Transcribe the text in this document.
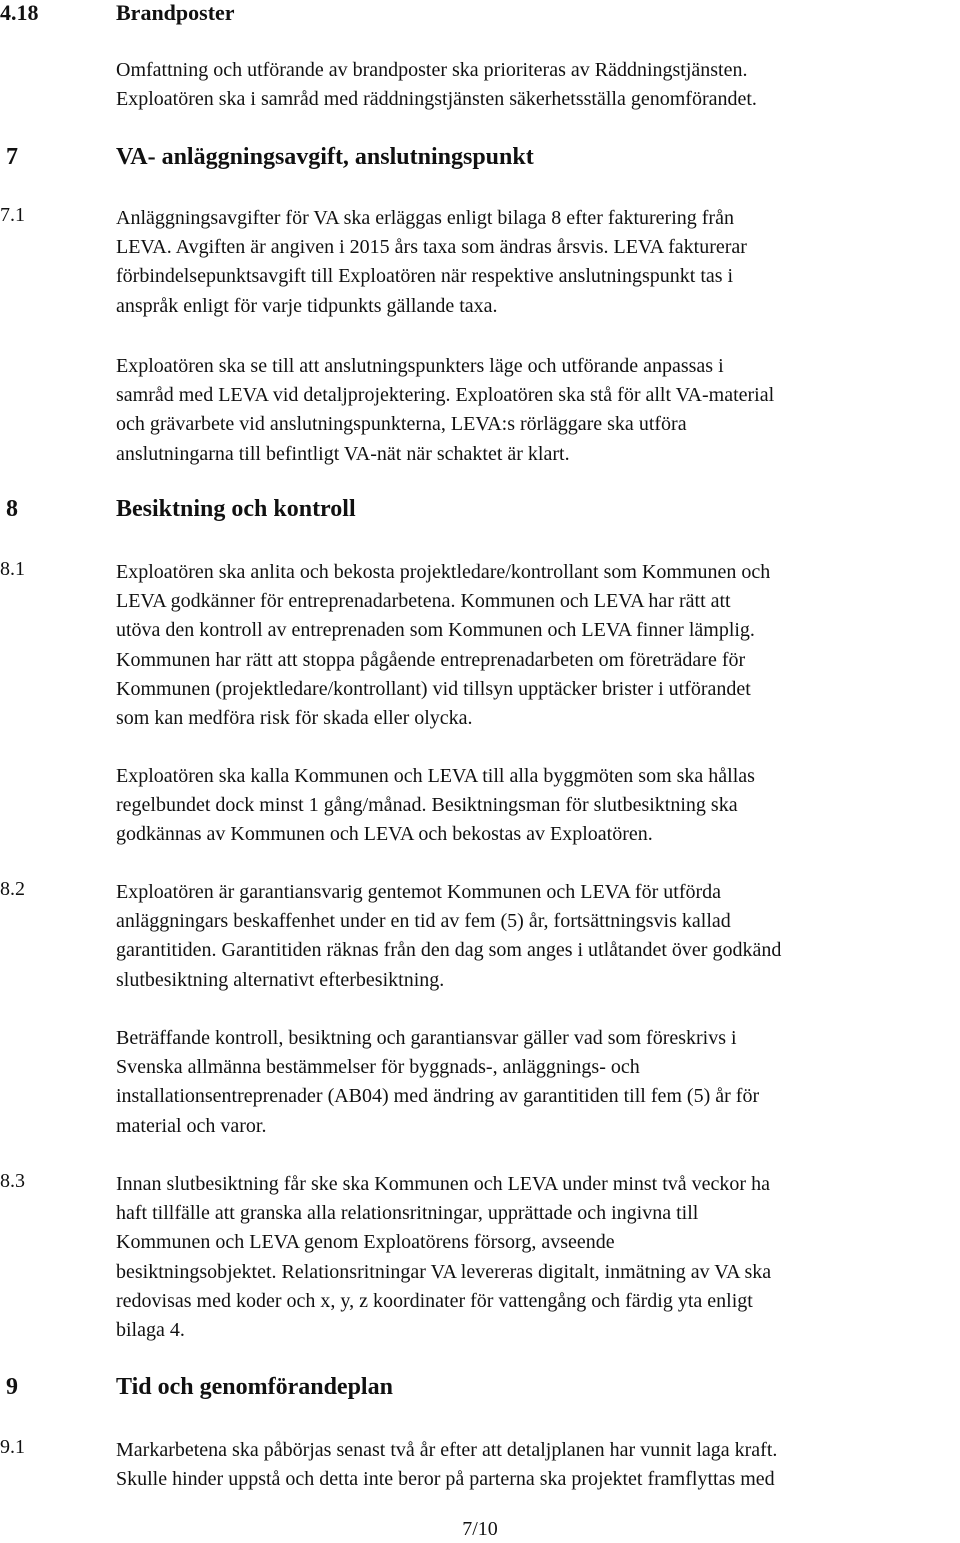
4.18	Brandposter
Omfattning och utförande av brandposter ska prioriteras av Räddningstjänsten.
Exploatören ska i samråd med räddningstjänsten säkerhetsställa genomförandet.
7	VA- anläggningsavgift, anslutningspunkt
7.1	Anläggningsavgifter för VA ska erläggas enligt bilaga 8 efter fakturering från
LEVA. Avgiften är angiven i 2015 års taxa som ändras årsvis. LEVA fakturerar
förbindelsepunktsavgift till Exploatören när respektive anslutningspunkt tas i
anspråk enligt för varje tidpunkts gällande taxa.
Exploatören ska se till att anslutningspunkters läge och utförande anpassas i
samråd med LEVA vid detaljprojektering. Exploatören ska stå för allt VA-material
och grävarbete vid anslutningspunkterna, LEVA:s rörläggare ska utföra
anslutningarna till befintligt VA-nät när schaktet är klart.
8	Besiktning och kontroll
8.1	Exploatören ska anlita och bekosta projektledare/kontrollant som Kommunen och
LEVA godkänner för entreprenadarbetena. Kommunen och LEVA har rätt att
utöva den kontroll av entreprenaden som Kommunen och LEVA finner lämplig.
Kommunen har rätt att stoppa pågående entreprenadarbeten om företrädare för
Kommunen (projektledare/kontrollant) vid tillsyn upptäcker brister i utförandet
som kan medföra risk för skada eller olycka.
Exploatören ska kalla Kommunen och LEVA till alla byggmöten som ska hållas
regelbundet dock minst 1 gång/månad. Besiktningsman för slutbesiktning ska
godkännas av Kommunen och LEVA och bekostas av Exploatören.
8.2	Exploatören är garantiansvarig gentemot Kommunen och LEVA för utförda
anläggningars beskaffenhet under en tid av fem (5) år, fortsättningsvis kallad
garantitiden. Garantitiden räknas från den dag som anges i utlåtandet över godkänd
slutbesiktning alternativt efterbesiktning.
Beträffande kontroll, besiktning och garantiansvar gäller vad som föreskrivs i
Svenska allmänna bestämmelser för byggnads-, anläggnings- och
installationsentreprenader (AB04) med ändring av garantitiden till fem (5) år för
material och varor.
8.3	Innan slutbesiktning får ske ska Kommunen och LEVA under minst två veckor ha
haft tillfälle att granska alla relationsritningar, upprättade och ingivna till
Kommunen och LEVA genom Exploatörens försorg, avseende
besiktningsobjektet. Relationsritningar VA levereras digitalt, inmätning av VA ska
redovisas med koder och x, y, z koordinater för vattengång och färdig yta enligt
bilaga 4.
9	Tid och genomförandeplan
9.1	Markarbetena ska påbörjas senast två år efter att detaljplanen har vunnit laga kraft.
Skulle hinder uppstå och detta inte beror på parterna ska projektet framflyttas med
7/10
